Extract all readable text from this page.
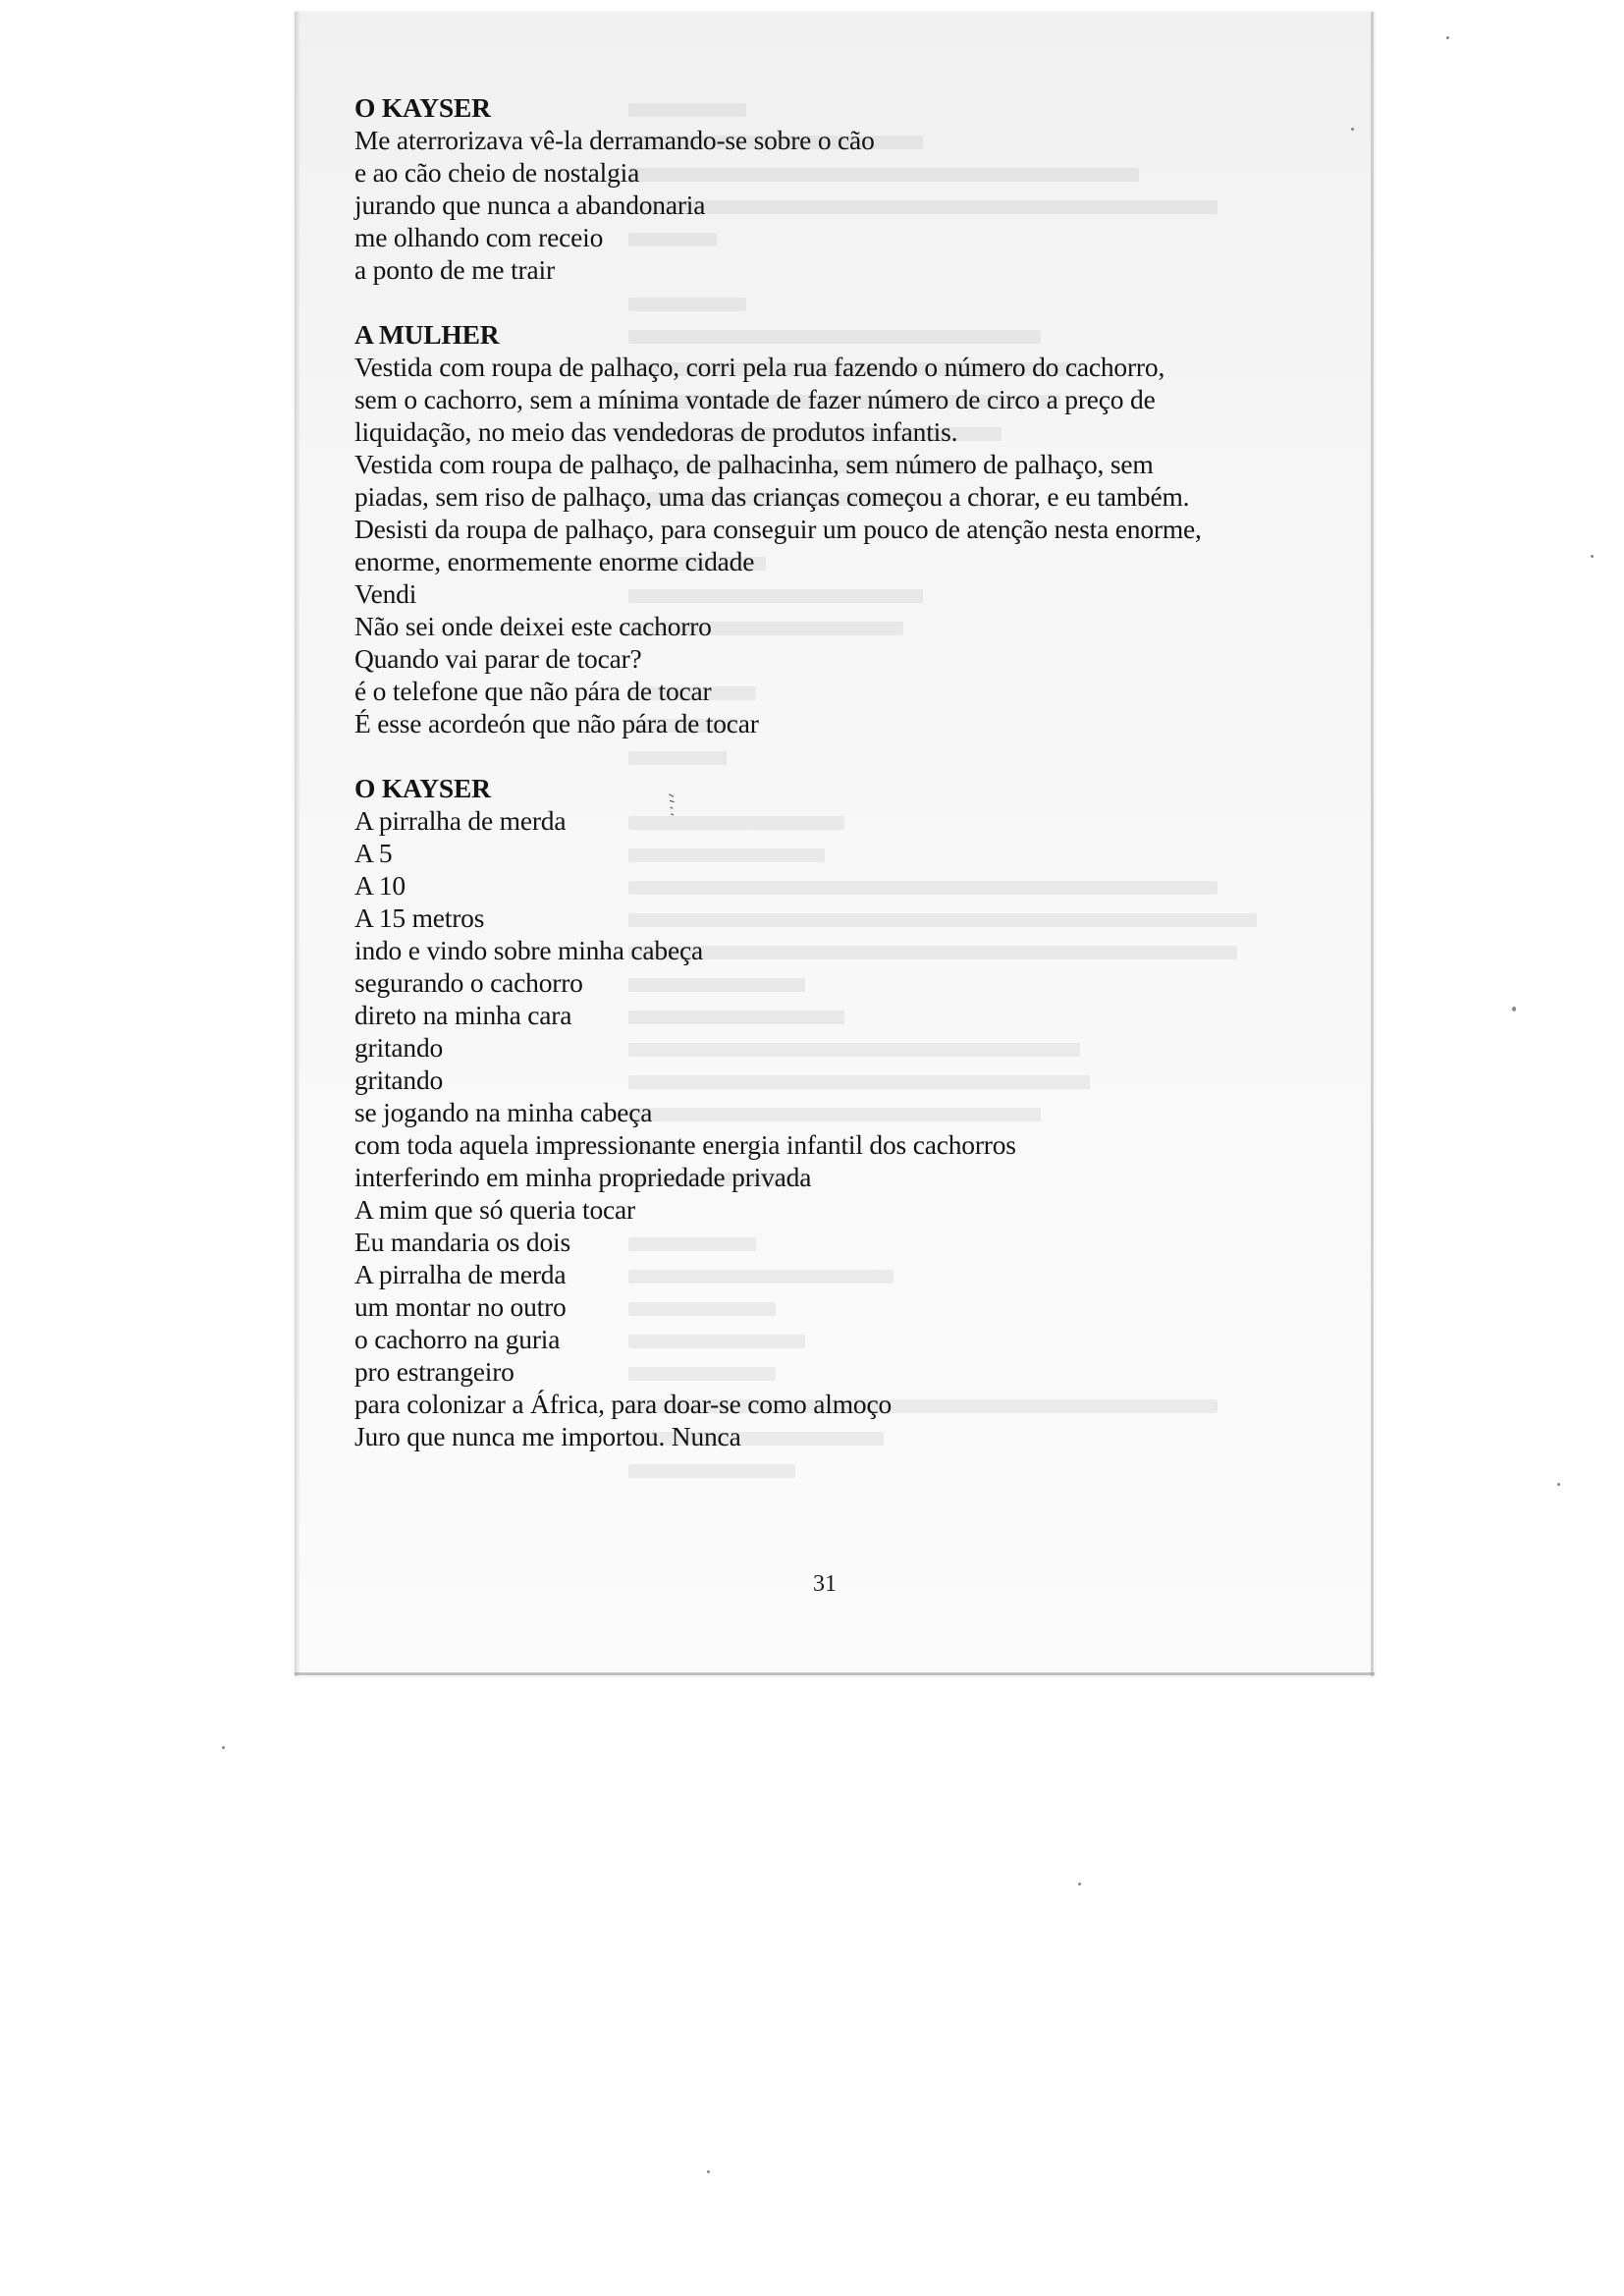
O KAYSER
Me aterrorizava vê-la derramando-se sobre o cão
e ao cão cheio de nostalgia
jurando que nunca a abandonaria
me olhando com receio
a ponto de me trair
A MULHER
Vestida com roupa de palhaço, corri pela rua fazendo o número do cachorro,
sem o cachorro, sem a mínima vontade de fazer número de circo a preço de
liquidação, no meio das vendedoras de produtos infantis.
Vestida com roupa de palhaço, de palhacinha, sem número de palhaço, sem
piadas, sem riso de palhaço, uma das crianças começou a chorar, e eu também.
Desisti da roupa de palhaço, para conseguir um pouco de atenção nesta enorme,
enorme, enormemente enorme cidade
Vendi
Não sei onde deixei este cachorro
Quando vai parar de tocar?
é o telefone que não pára de tocar
É esse acordeón que não pára de tocar
O KAYSER
A pirralha de merda
A 5
A 10
A 15 metros
indo e vindo sobre minha cabeça
segurando o cachorro
direto na minha cara
gritando
gritando
se jogando na minha cabeça
com toda aquela impressionante energia infantil dos cachorros
interferindo em minha propriedade privada
A mim que só queria tocar
Eu mandaria os dois
A pirralha de merda
um montar no outro
o cachorro na guria
pro estrangeiro
para colonizar a África, para doar-se como almoço
Juro que nunca me importou. Nunca
31
